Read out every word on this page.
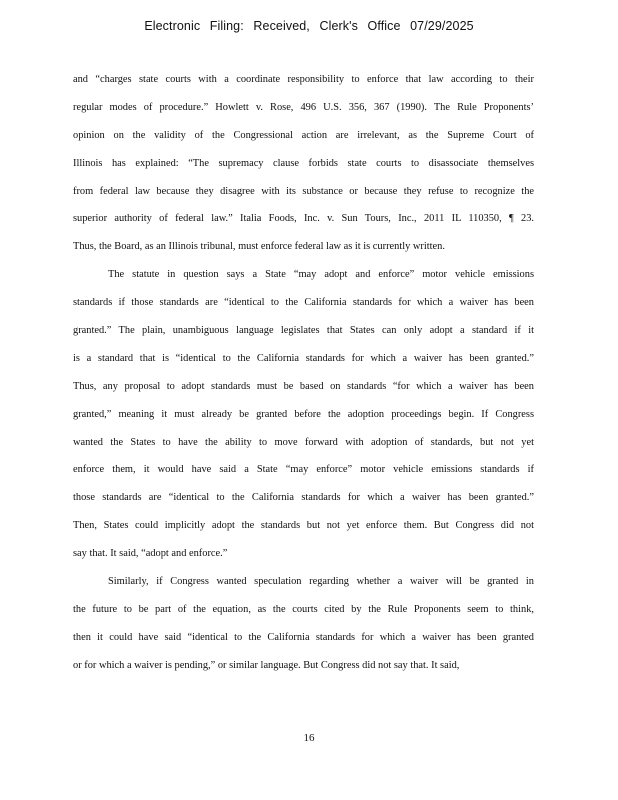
Electronic Filing: Received, Clerk's Office 07/29/2025
and “charges state courts with a coordinate responsibility to enforce that law according to their
regular modes of procedure.” Howlett v. Rose, 496 U.S. 356, 367 (1990). The Rule Proponents’
opinion on the validity of the Congressional action are irrelevant, as the Supreme Court of
Illinois has explained: “The supremacy clause forbids state courts to disassociate themselves
from federal law because they disagree with its substance or because they refuse to recognize the
superior authority of federal law.” Italia Foods, Inc. v. Sun Tours, Inc., 2011 IL 110350, ¶ 23.
Thus, the Board, as an Illinois tribunal, must enforce federal law as it is currently written.
The statute in question says a State “may adopt and enforce” motor vehicle emissions
standards if those standards are “identical to the California standards for which a waiver has been
granted.” The plain, unambiguous language legislates that States can only adopt a standard if it
is a standard that is “identical to the California standards for which a waiver has been granted.”
Thus, any proposal to adopt standards must be based on standards “for which a waiver has been
granted,” meaning it must already be granted before the adoption proceedings begin. If Congress
wanted the States to have the ability to move forward with adoption of standards, but not yet
enforce them, it would have said a State “may enforce” motor vehicle emissions standards if
those standards are “identical to the California standards for which a waiver has been granted.”
Then, States could implicitly adopt the standards but not yet enforce them. But Congress did not
say that. It said, “adopt and enforce.”
Similarly, if Congress wanted speculation regarding whether a waiver will be granted in
the future to be part of the equation, as the courts cited by the Rule Proponents seem to think,
then it could have said “identical to the California standards for which a waiver has been granted
or for which a waiver is pending,” or similar language. But Congress did not say that. It said,
16
